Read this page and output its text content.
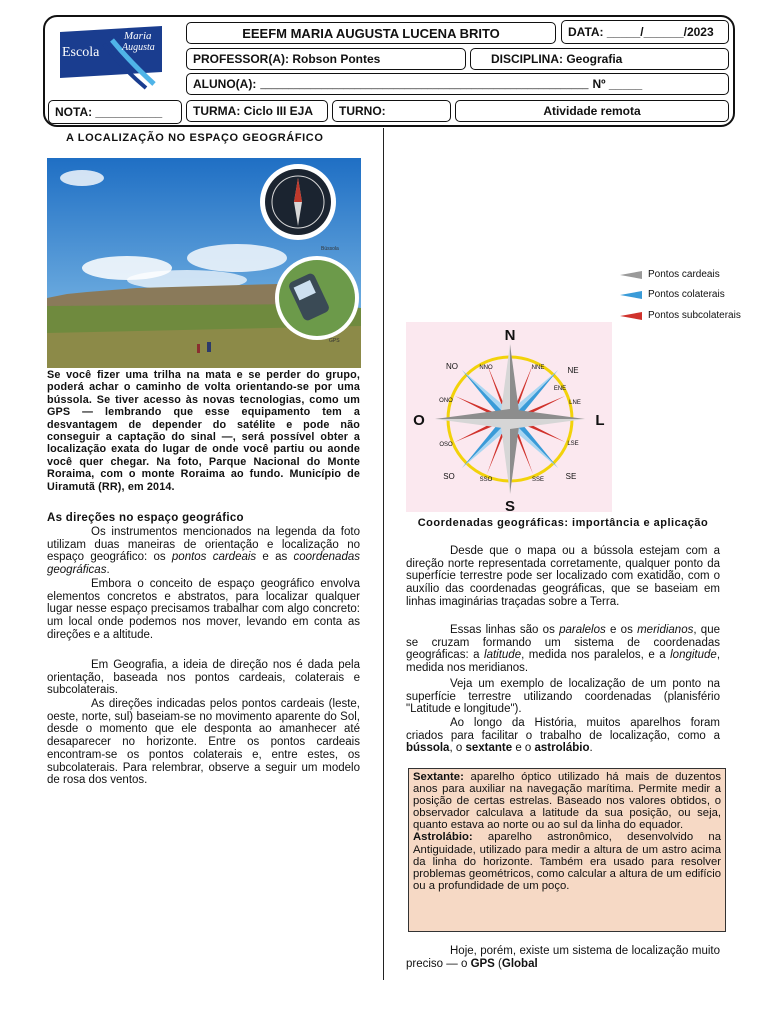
Maria
Augusta
Escola
EEEFM MARIA AUGUSTA LUCENA BRITO	DATA: _____/______/2023
PROFESSOR(A): Robson Pontes	DISCIPLINA: Geografia
ALUNO(A): ___________________________________________________________ Nº _____
NOTA: __________	TURMA: Ciclo III EJA TURNO:	Atividade remota
A LOCALIZAÇÃO NO ESPAÇO GEOGRÁFICO
Bússola
GPS

Se você fizer uma trilha na mata e se perder do grupo, poderá achar o caminho de volta orientando-se por uma bússola. Se tiver acesso às novas tecnologias, como um GPS — lembrando que esse equipamento tem a desvantagem de depender do satélite e pode não conseguir a captação do sinal —, será possível obter a localização exata do lugar de onde você partiu ou aonde você quer chegar. Na foto, Parque Nacional do Monte Roraima, com o monte Roraima ao fundo. Município de Uiramutã (RR), em 2014.

As direções no espaço geográfico

Os instrumentos mencionados na legenda da foto utilizam duas maneiras de orientação e localização no espaço geográfico: os pontos cardeais e as coordenadas geográficas.

Embora o conceito de espaço geográfico envolva elementos concretos e abstratos, para localizar qualquer lugar nesse espaço precisamos trabalhar com algo concreto: um local onde podemos nos mover, levando em conta as direções e a altitude.

Em Geografia, a ideia de direção nos é dada pela orientação, baseada nos pontos cardeais, colaterais e subcolaterais.

As direções indicadas pelos pontos cardeais (leste, oeste, norte, sul) baseiam-se no movimento aparente do Sol, desde o momento que ele desponta ao amanhecer até desaparecer no horizonte. Entre os pontos cardeais encontram-se os pontos colaterais e, entre estes, os subcolaterais. Para relembrar, observe a seguir um modelo de rosa dos ventos.

Pontos cardeais
Pontos colaterais
Pontos subcolaterais
N
S
L
O
NE
NO
SE
SO
NNE
NNO
ENE
LNE
ONO
OSO	LSE
SSE
SSO
Coordenadas geográficas: importância e aplicação

Desde que o mapa ou a bússola estejam com a direção norte representada corretamente, qualquer ponto da superfície terrestre pode ser localizado com exatidão, com o auxílio das coordenadas geográficas, que se baseiam em linhas imaginárias traçadas sobre a Terra.

Essas linhas são os paralelos e os meridianos, que se cruzam formando um sistema de coordenadas geográficas: a latitude, medida nos paralelos, e a longitude, medida nos meridianos.

Veja um exemplo de localização de um ponto na superfície terrestre utilizando coordenadas (planisfério "Latitude e longitude").

Ao longo da História, muitos aparelhos foram criados para facilitar o trabalho de localização, como a bússola, o sextante e o astrolábio.

Sextante: aparelho óptico utilizado há mais de duzentos anos para auxiliar na navegação marítima. Permite medir a posição de certas estrelas. Baseado nos valores obtidos, o observador calculava a latitude da sua posição, ou seja, quanto estava ao norte ou ao sul da linha do equador.

Astrolábio: aparelho astronômico, desenvolvido na Antiguidade, utilizado para medir a altura de um astro acima da linha do horizonte. Também era usado para resolver problemas geométricos, como calcular a altura de um edifício ou a profundidade de um poço.

Hoje, porém, existe um sistema de localização muito preciso — o GPS (Global
